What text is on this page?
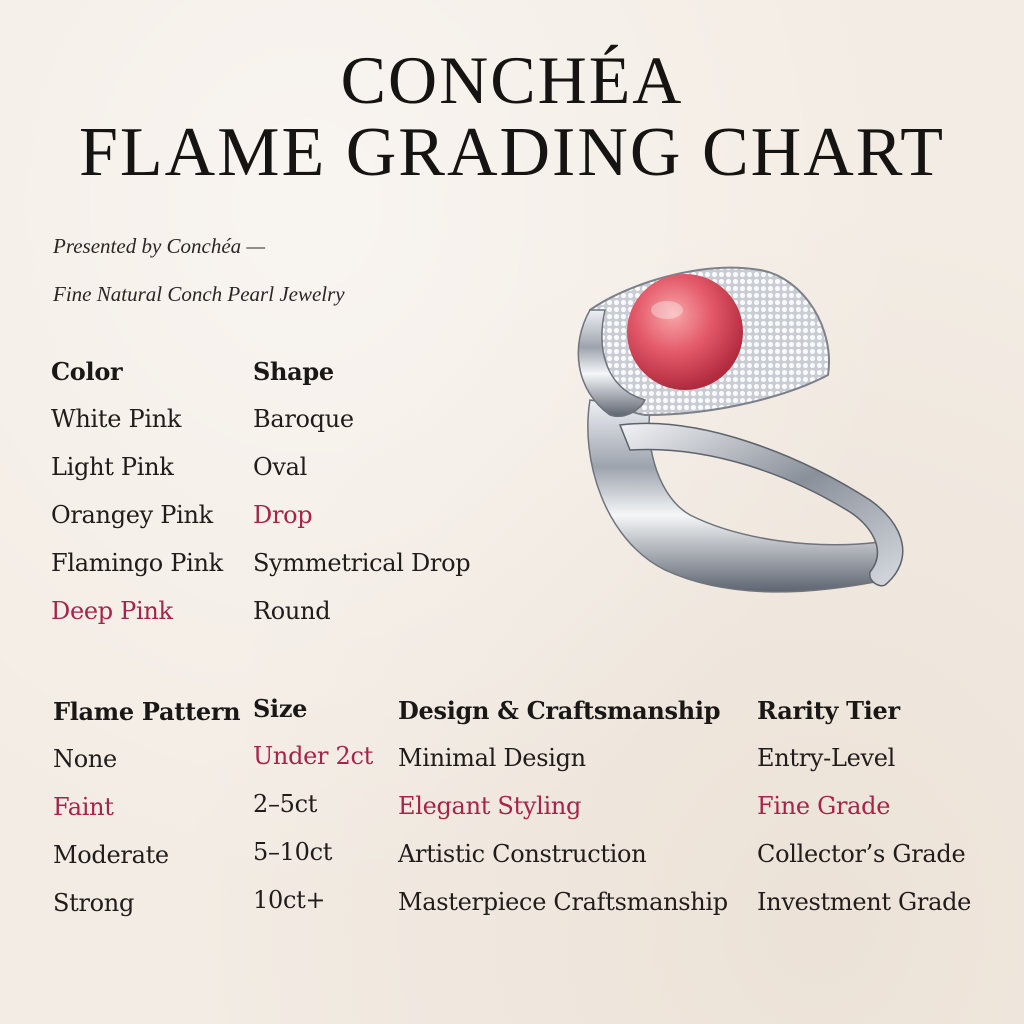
CONCHÉA
FLAME GRADING CHART

Presented by Conchéa —

Fine Natural Conch Pearl Jewelry

Color
White Pink
Light Pink
Orangey Pink
Flamingo Pink
Deep Pink
Shape
Baroque
Oval
Drop
Symmetrical Drop
Round
Flame Pattern
None
Faint
Moderate
Strong
Size
Under 2ct
2–5ct
5–10ct
10ct+
Design & Craftsmanship
Minimal Design
Elegant Styling
Artistic Construction
Masterpiece Craftsmanship
Rarity Tier
Entry-Level
Fine Grade
Collector’s Grade
Investment Grade
